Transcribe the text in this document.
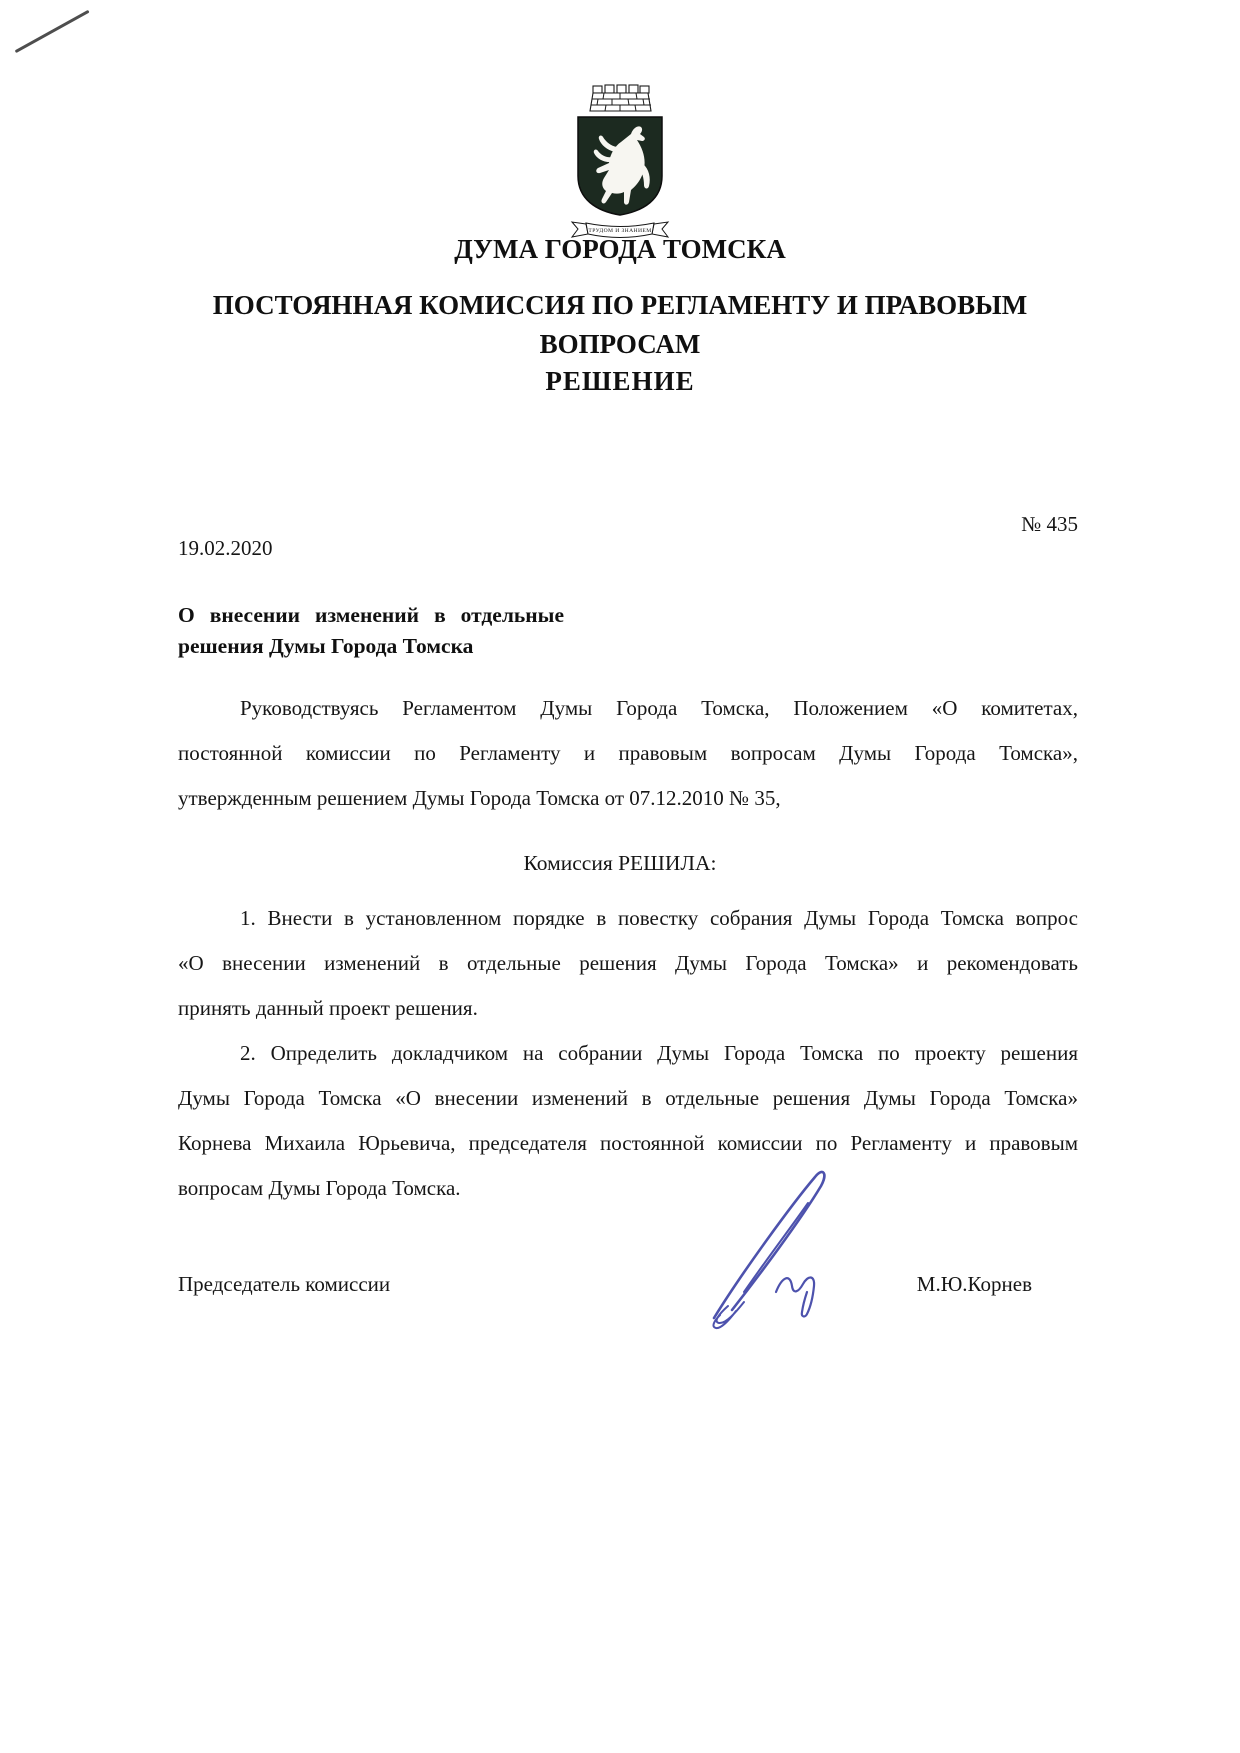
ТРУДОМ И ЗНАНИЕМ
ДУМА ГОРОДА ТОМСКА
ПОСТОЯННАЯ КОМИССИЯ ПО РЕГЛАМЕНТУ И ПРАВОВЫМ
ВОПРОСАМ
РЕШЕНИЕ
№ 435
19.02.2020
О внесении изменений в отдельные
решения Думы Города Томска
Руководствуясь Регламентом Думы Города Томска, Положением «О комитетах,
постоянной комиссии по Регламенту и правовым вопросам Думы Города Томска»,
утвержденным решением Думы Города Томска от 07.12.2010 № 35,
Комиссия РЕШИЛА:
1. Внести в установленном порядке в повестку собрания Думы Города Томска вопрос
«О внесении изменений в отдельные решения Думы Города Томска» и рекомендовать
принять данный проект решения.
2. Определить докладчиком на собрании Думы Города Томска по проекту решения
Думы Города Томска «О внесении изменений в отдельные решения Думы Города Томска»
Корнева Михаила Юрьевича, председателя постоянной комиссии по Регламенту и правовым
вопросам Думы Города Томска.
Председатель комиссии	М.Ю.Корнев
